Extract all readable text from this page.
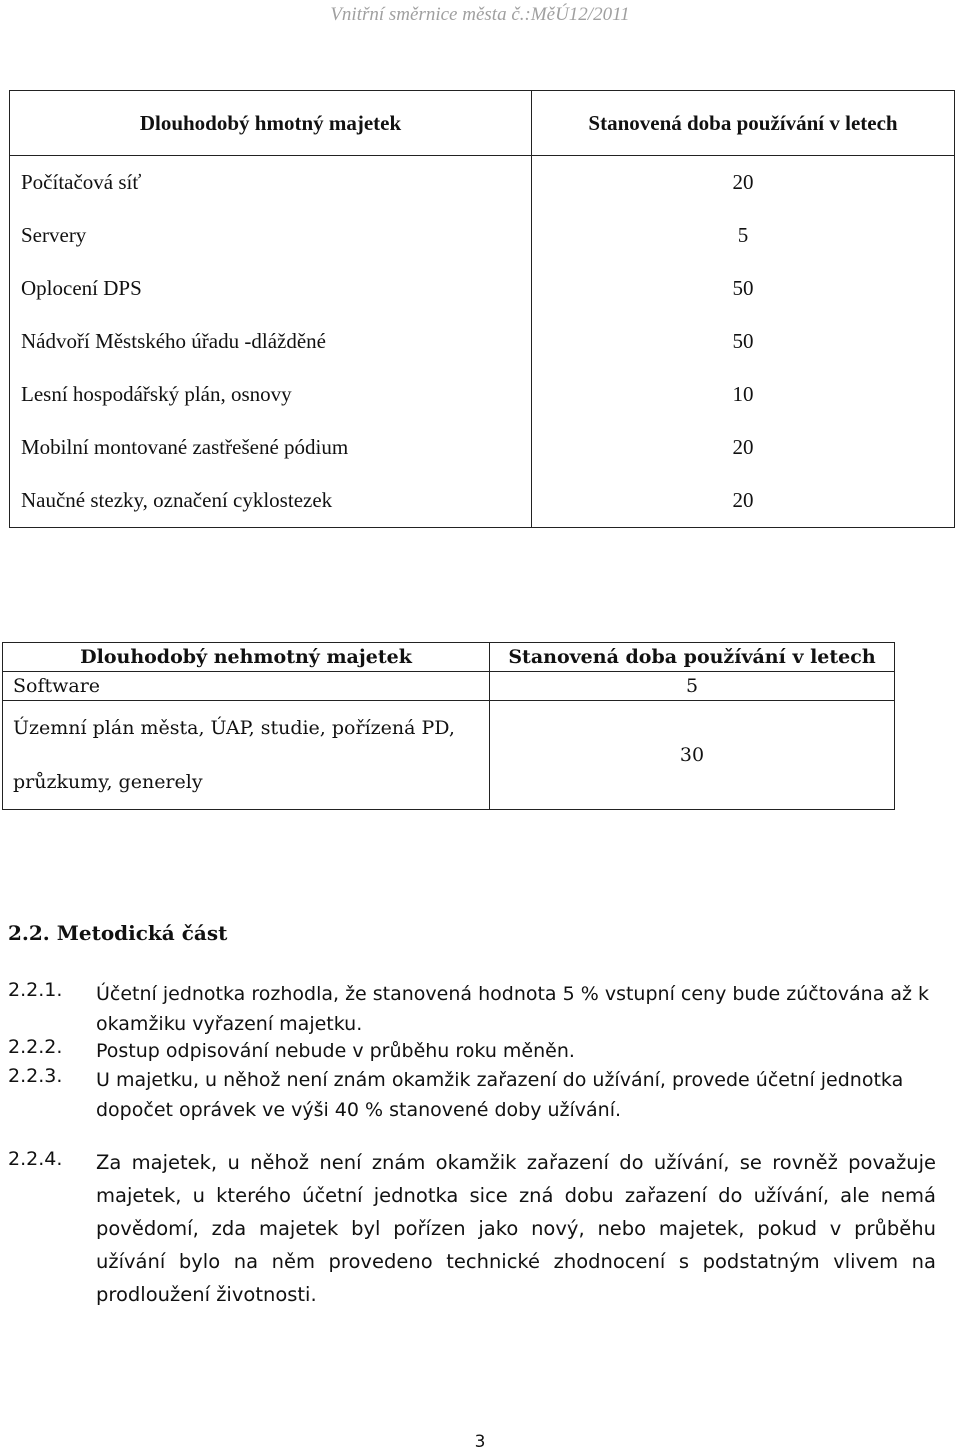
Vnitřní směrnice města č.:MěÚ12/2011
Dlouhodobý hmotný majetek	Stanovená doba používání v letech
Počítačová síť	20
Servery	5
Oplocení DPS	50
Nádvoří Městského úřadu -dlážděné	50
Lesní hospodářský plán, osnovy	10
Mobilní montované zastřešené pódium	20
Naučné stezky, označení cyklostezek	20
Dlouhodobý nehmotný majetek	Stanovená doba používání v letech
Software	5

Územní plán města, ÚAP, studie, pořízená PD,
průzkumy, generely	30
2.2. Metodická část
2.2.1. Účetní jednotka rozhodla, že stanovená hodnota 5 % vstupní ceny bude zúčtována až k okamžiku vyřazení majetku.
2.2.2. Postup odpisování nebude v průběhu roku měněn.
2.2.3. U majetku, u něhož není znám okamžik zařazení do užívání, provede účetní jednotka dopočet oprávek ve výši 40 % stanovené doby užívání.
2.2.4. Za majetek, u něhož není znám okamžik zařazení do užívání, se rovněž považuje majetek, u kterého účetní jednotka sice zná dobu zařazení do užívání, ale nemá povědomí, zda majetek byl pořízen jako nový, nebo majetek, pokud v průběhu užívání bylo na něm provedeno technické zhodnocení s podstatným vlivem na prodloužení životnosti.
3
